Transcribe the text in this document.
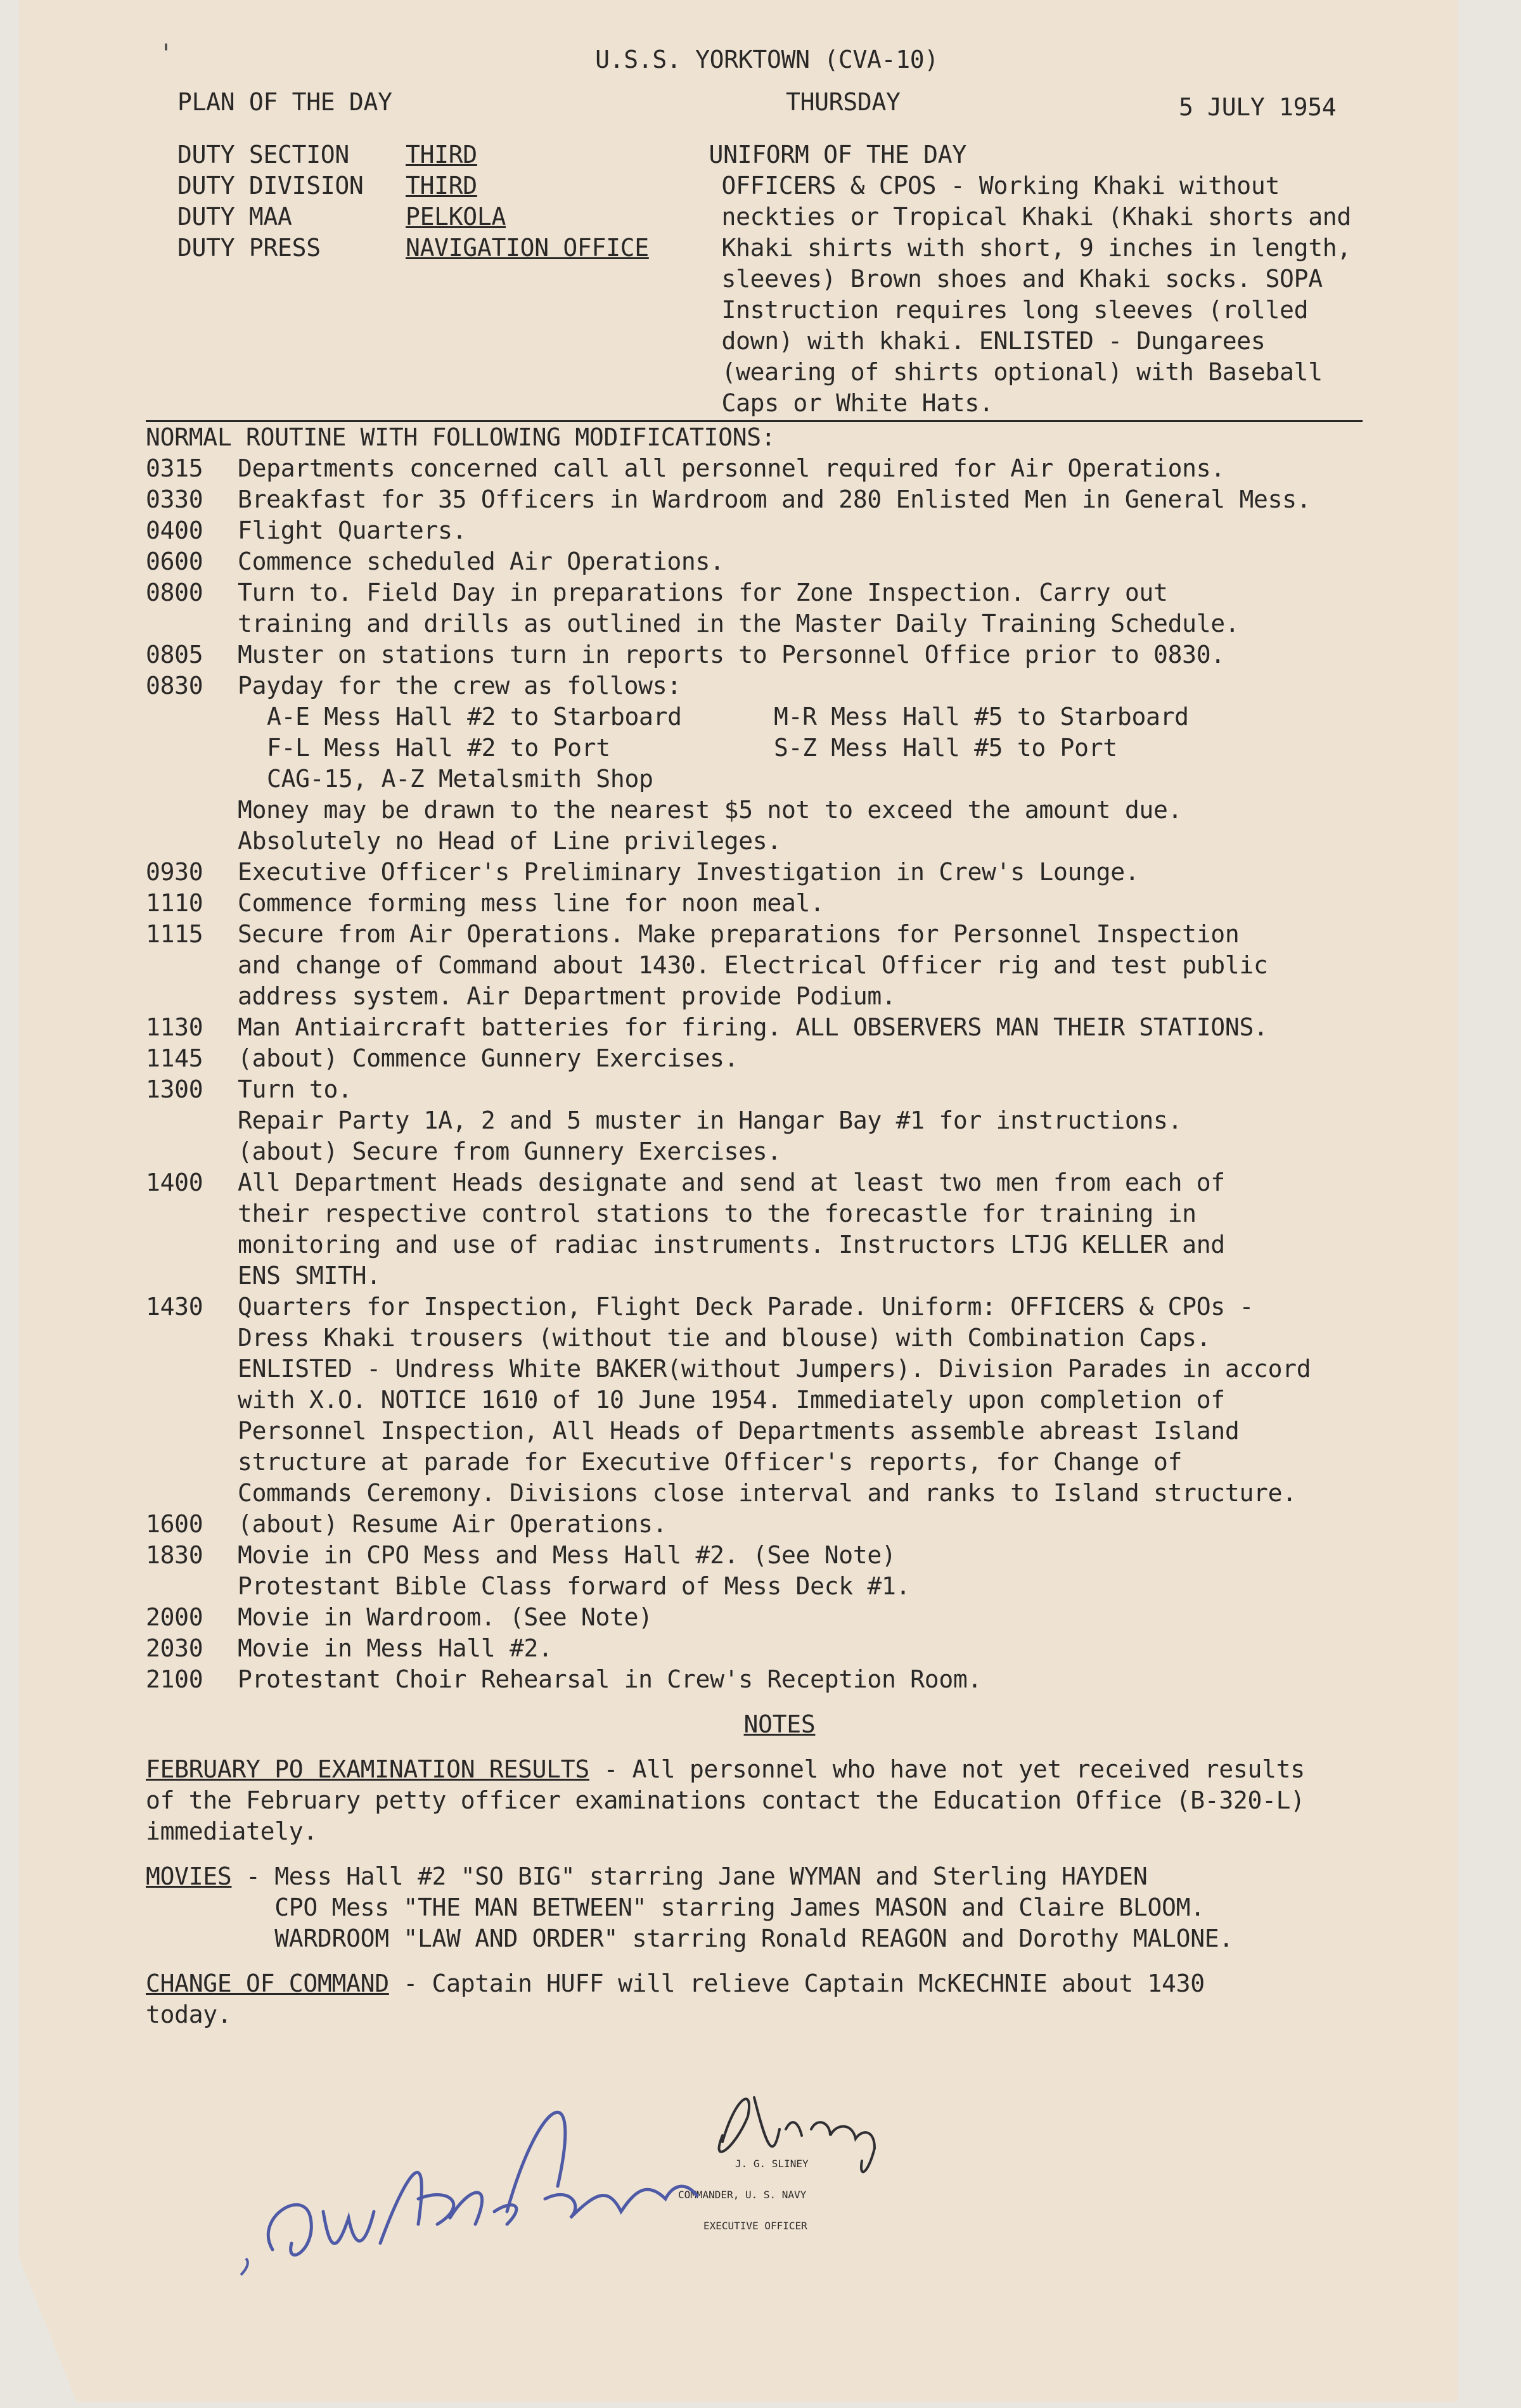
U.S.S. YORKTOWN (CVA-10)
PLAN OF THE DAY	THURSDAY	5 JULY 1954
DUTY SECTION	THIRD
DUTY DIVISION	THIRD
DUTY MAA	PELKOLA
DUTY PRESS	NAVIGATION OFFICE
UNIFORM OF THE DAY
OFFICERS & CPOS - Working Khaki without
neckties or Tropical Khaki (Khaki shorts and
Khaki shirts with short, 9 inches in length,
sleeves) Brown shoes and Khaki socks. SOPA
Instruction requires long sleeves (rolled
down) with khaki. ENLISTED - Dungarees
(wearing of shirts optional) with Baseball
Caps or White Hats.
NORMAL ROUTINE WITH FOLLOWING MODIFICATIONS:
0315	Departments concerned call all personnel required for Air Operations.
0330	Breakfast for 35 Officers in Wardroom and 280 Enlisted Men in General Mess.
0400	Flight Quarters.
0600	Commence scheduled Air Operations.
0800	Turn to. Field Day in preparations for Zone Inspection. Carry out
training and drills as outlined in the Master Daily Training Schedule.
0805	Muster on stations turn in reports to Personnel Office prior to 0830.
0830	Payday for the crew as follows:
A-E Mess Hall #2 to Starboard	M-R Mess Hall #5 to Starboard
F-L Mess Hall #2 to Port	S-Z Mess Hall #5 to Port
CAG-15, A-Z Metalsmith Shop
Money may be drawn to the nearest $5 not to exceed the amount due.
Absolutely no Head of Line privileges.
0930	Executive Officer's Preliminary Investigation in Crew's Lounge.
1110	Commence forming mess line for noon meal.
1115	Secure from Air Operations. Make preparations for Personnel Inspection
and change of Command about 1430. Electrical Officer rig and test public
address system. Air Department provide Podium.
1130	Man Antiaircraft batteries for firing. ALL OBSERVERS MAN THEIR STATIONS.
1145	(about) Commence Gunnery Exercises.
1300	Turn to.
Repair Party 1A, 2 and 5 muster in Hangar Bay #1 for instructions.
(about) Secure from Gunnery Exercises.
1400	All Department Heads designate and send at least two men from each of
their respective control stations to the forecastle for training in
monitoring and use of radiac instruments. Instructors LTJG KELLER and
ENS SMITH.
1430	Quarters for Inspection, Flight Deck Parade. Uniform: OFFICERS & CPOs -
Dress Khaki trousers (without tie and blouse) with Combination Caps.
ENLISTED - Undress White BAKER(without Jumpers). Division Parades in accord
with X.O. NOTICE 1610 of 10 June 1954. Immediately upon completion of
Personnel Inspection, All Heads of Departments assemble abreast Island
structure at parade for Executive Officer's reports, for Change of
Commands Ceremony. Divisions close interval and ranks to Island structure.
1600	(about) Resume Air Operations.
1830	Movie in CPO Mess and Mess Hall #2. (See Note)
Protestant Bible Class forward of Mess Deck #1.
2000	Movie in Wardroom. (See Note)
2030	Movie in Mess Hall #2.
2100	Protestant Choir Rehearsal in Crew's Reception Room.
NOTES
FEBRUARY PO EXAMINATION RESULTS - All personnel who have not yet received results
of the February petty officer examinations contact the Education Office (B-320-L)
immediately.
MOVIES - Mess Hall #2 "SO BIG" starring Jane WYMAN and Sterling HAYDEN
CPO Mess "THE MAN BETWEEN" starring James MASON and Claire BLOOM.
WARDROOM "LAW AND ORDER" starring Ronald REAGON and Dorothy MALONE.
CHANGE OF COMMAND - Captain HUFF will relieve Captain McKECHNIE about 1430
today.
J. G. SLINEY
COMMANDER, U. S. NAVY
EXECUTIVE OFFICER
R W McKechnie
J G Sliney
'
